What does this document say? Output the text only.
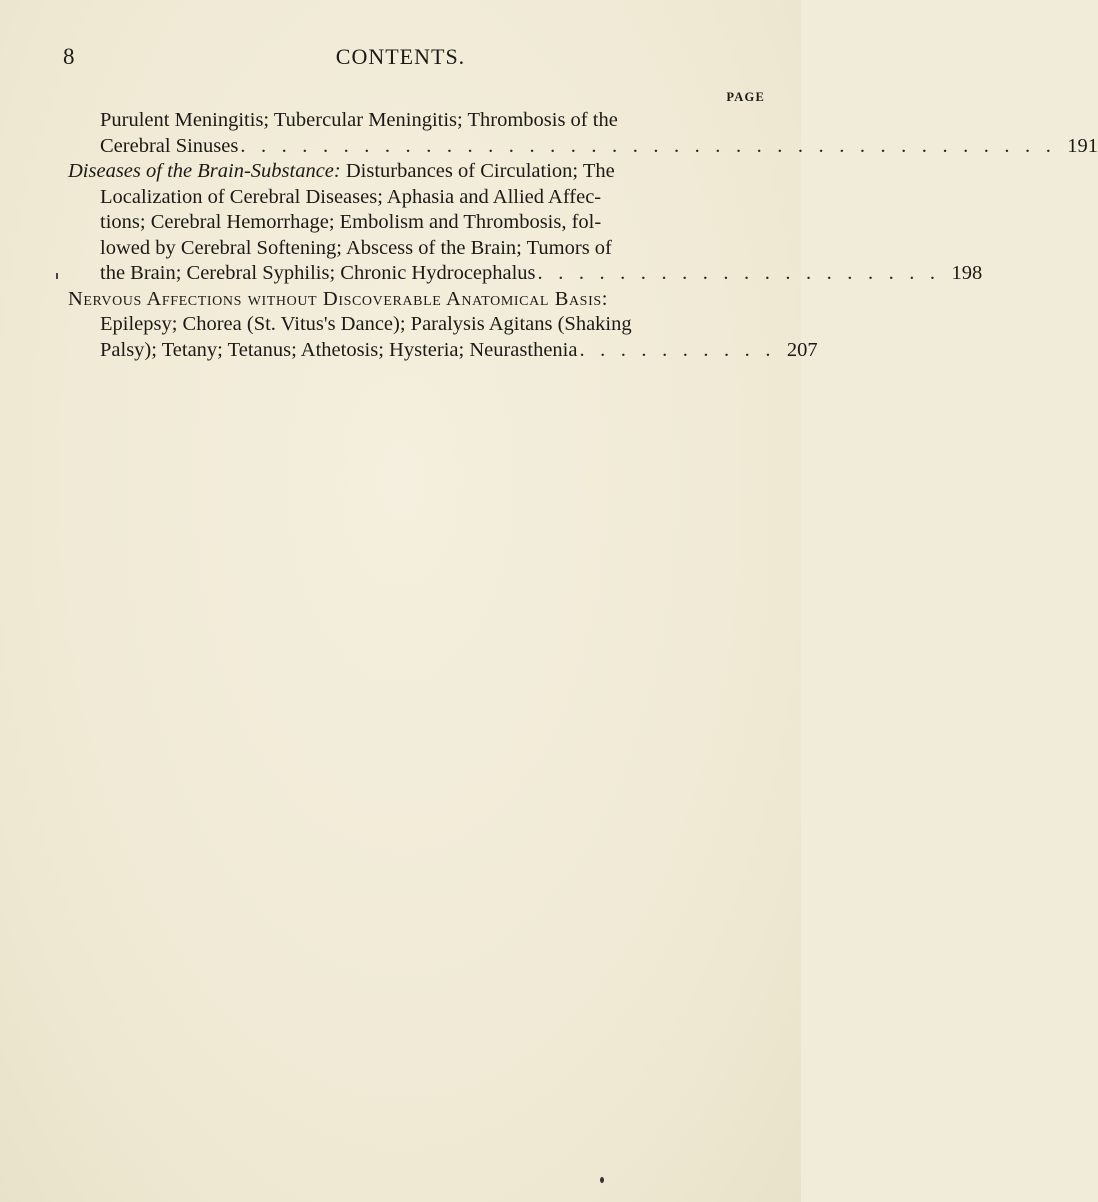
8	CONTENTS.
PAGE
Purulent Meningitis; Tubercular Meningitis; Thrombosis of the
Cerebral Sinuses . . . . . . . . . . . . . . . . . . . . . . . . . . . . . . . . . . . . . . . . 191
Diseases of the Brain-Substance: Disturbances of Circulation; The
Localization of Cerebral Diseases; Aphasia and Allied Affec-
tions; Cerebral Hemorrhage; Embolism and Thrombosis, fol-
lowed by Cerebral Softening; Abscess of the Brain; Tumors of
the Brain; Cerebral Syphilis; Chronic Hydrocephalus . . . . . . . . . . . . . . . . . . . . 198
Nervous Affections without Discoverable Anatomical Basis:
Epilepsy; Chorea (St. Vitus's Dance); Paralysis Agitans (Shaking
Palsy); Tetany; Tetanus; Athetosis; Hysteria; Neurasthenia . . . . . . . . . . 207
